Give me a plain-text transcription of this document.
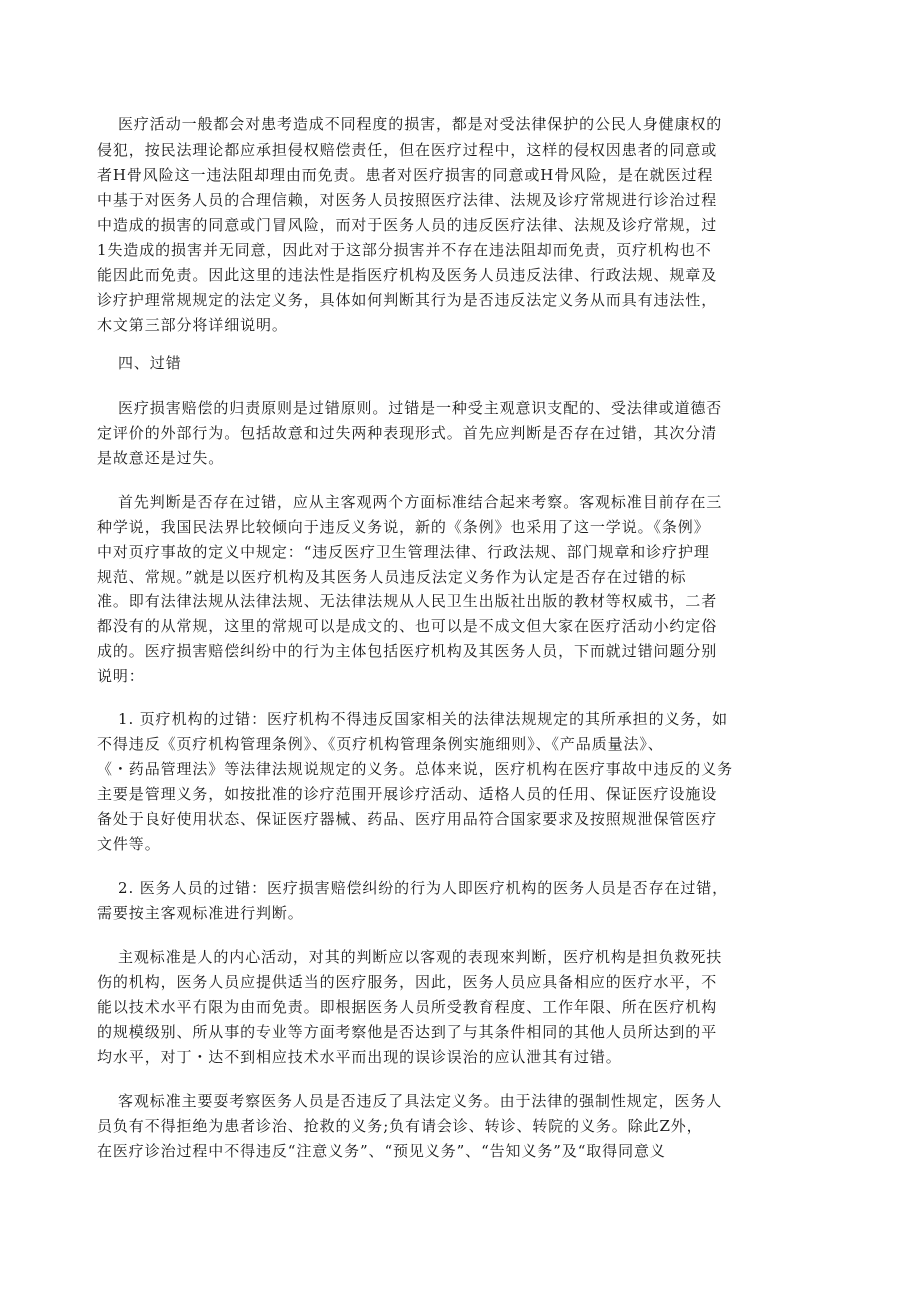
医疗活动一般都会对患考造成不同程度的损害，都是对受法律保护的公民人身健康权的

侵犯，按民法理论都应承担侵权赔偿责任，但在医疗过程中，这样的侵权因患者的同意或

者H骨风险这一违法阻却理由而免责。患者对医疗损害的同意或H骨风险，是在就医过程

中基于对医务人员的合理信赖，对医务人员按照医疗法律、法规及诊疗常规进行诊治过程

中造成的损害的同意或门冒风险，而对于医务人员的违反医疗法律、法规及诊疗常规，过

1失造成的损害并无同意，因此对于这部分损害并不存在违法阻却而免责，页疗机构也不

能因此而免责。因此这里的违法性是指医疗机构及医务人员违反法律、行政法规、规章及

诊疗护理常规规定的法定义务，具体如何判断其行为是否违反法定义务从而具有违法性，

木文第三部分将详细说明。

四、过错

医疗损害赔偿的归责原则是过错原则。过错是一种受主观意识支配的、受法律或道德否

定评价的外部行为。包括故意和过失两种表现形式。首先应判断是否存在过错，其次分清

是故意还是过失。

首先判断是否存在过错，应从主客观两个方面标准结合起来考察。客观标准目前存在三

种学说，我国民法界比较倾向于违反义务说，新的《条例》也采用了这一学说。《条例》

中对页疗事故的定义中规定：“违反医疗卫生管理法律、行政法规、部门规章和诊疗护理

规范、常规。”就是以医疗机构及其医务人员违反法定义务作为认定是否存在过错的标

准。即有法律法规从法律法规、无法律法规从人民卫生出版社出版的教材等权威书，二者

都没有的从常规，这里的常规可以是成文的、也可以是不成文但大家在医疗活动小约定俗

成的。医疗损害赔偿纠纷中的行为主体包括医疗机构及其医务人员，下而就过错问题分别

说明：

1. 页疗机构的过错：医疗机构不得违反国家相关的法律法规规定的其所承担的义务，如

不得违反《页疗机构管理条例》、《页疗机构管理条例实施细则》、《产品质量法》、

《・药品管理法》等法律法规说规定的义务。总体来说，医疗机构在医疗事故中违反的义务

主要是管理义务，如按批准的诊疗范围开展诊疗活动、适格人员的任用、保证医疗设施设

备处于良好使用状态、保证医疗器械、药品、医疗用品符合国家要求及按照规泄保管医疗

文件等。

2. 医务人员的过错：医疗损害赔偿纠纷的行为人即医疗机构的医务人员是否存在过错，

需要按主客观标准进行判断。

主观标准是人的内心活动，对其的判断应以客观的表现來判断，医疗机构是担负救死扶

伤的机构，医务人员应提供适当的医疗服务，因此，医务人员应具备相应的医疗水平，不

能以技术水平冇限为由而免责。即根据医务人员所受教育程度、工作年限、所在医疗机构

的规模级别、所从事的专业等方面考察他是否达到了与其条件相同的其他人员所达到的平

均水平，对丁・达不到相应技术水平而出现的误诊误治的应认泄其有过错。

客观标准主要耍考察医务人员是否违反了具法定义务。由于法律的强制性规定，医务人

员负有不得拒绝为患者诊治、抢救的义务;负有请会诊、转诊、转院的义务。除此Z外，

在医疗诊治过程中不得违反“注意义务”、“预见义务”、“告知义务”及“取得同意义
